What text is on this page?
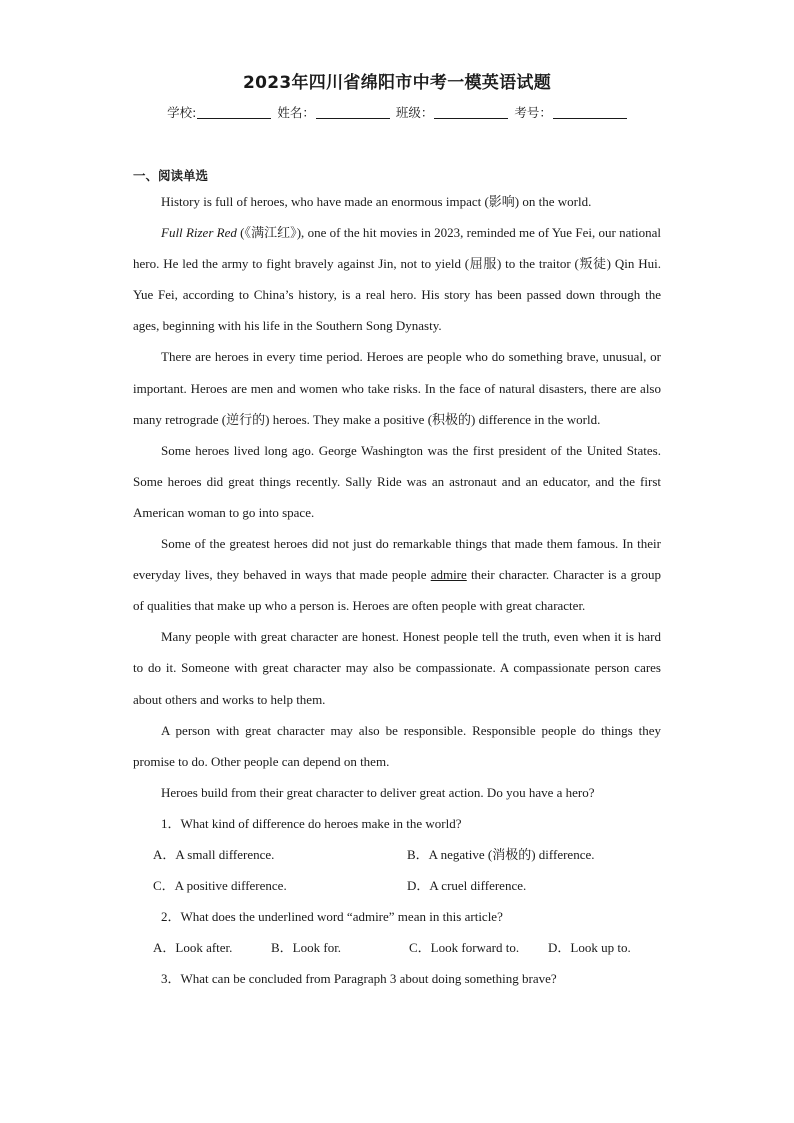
2023年四川省绵阳市中考一模英语试题
学校:	姓名：	班级：	考号：
一、阅读单选

History is full of heroes, who have made an enormous impact (影响) on the world.

Full Rizer Red (《满江红》), one of the hit movies in 2023, reminded me of Yue Fei, our national hero. He led the army to fight bravely against Jin, not to yield (屈服) to the traitor (叛徒) Qin Hui. Yue Fei, according to China’s history, is a real hero. His story has been passed down through the ages, beginning with his life in the Southern Song Dynasty.

There are heroes in every time period. Heroes are people who do something brave, unusual, or important. Heroes are men and women who take risks. In the face of natural disasters, there are also many retrograde (逆行的) heroes. They make a positive (积极的) difference in the world.

Some heroes lived long ago. George Washington was the first president of the United States. Some heroes did great things recently. Sally Ride was an astronaut and an educator, and the first American woman to go into space.

Some of the greatest heroes did not just do remarkable things that made them famous. In their everyday lives, they behaved in ways that made people admire their character. Character is a group of qualities that make up who a person is. Heroes are often people with great character.

Many people with great character are honest. Honest people tell the truth, even when it is hard to do it. Someone with great character may also be compassionate. A compassionate person cares about others and works to help them.

A person with great character may also be responsible. Responsible people do things they promise to do. Other people can depend on them.

Heroes build from their great character to deliver great action. Do you have a hero?

1．What kind of difference do heroes make in the world?

A．A small difference.	B．A negative (消极的) difference.
C．A positive difference.	D．A cruel difference.

2．What does the underlined word “admire” mean in this article?

A．Look after.	B．Look for.	C．Look forward to.	D．Look up to.

3．What can be concluded from Paragraph 3 about doing something brave?
